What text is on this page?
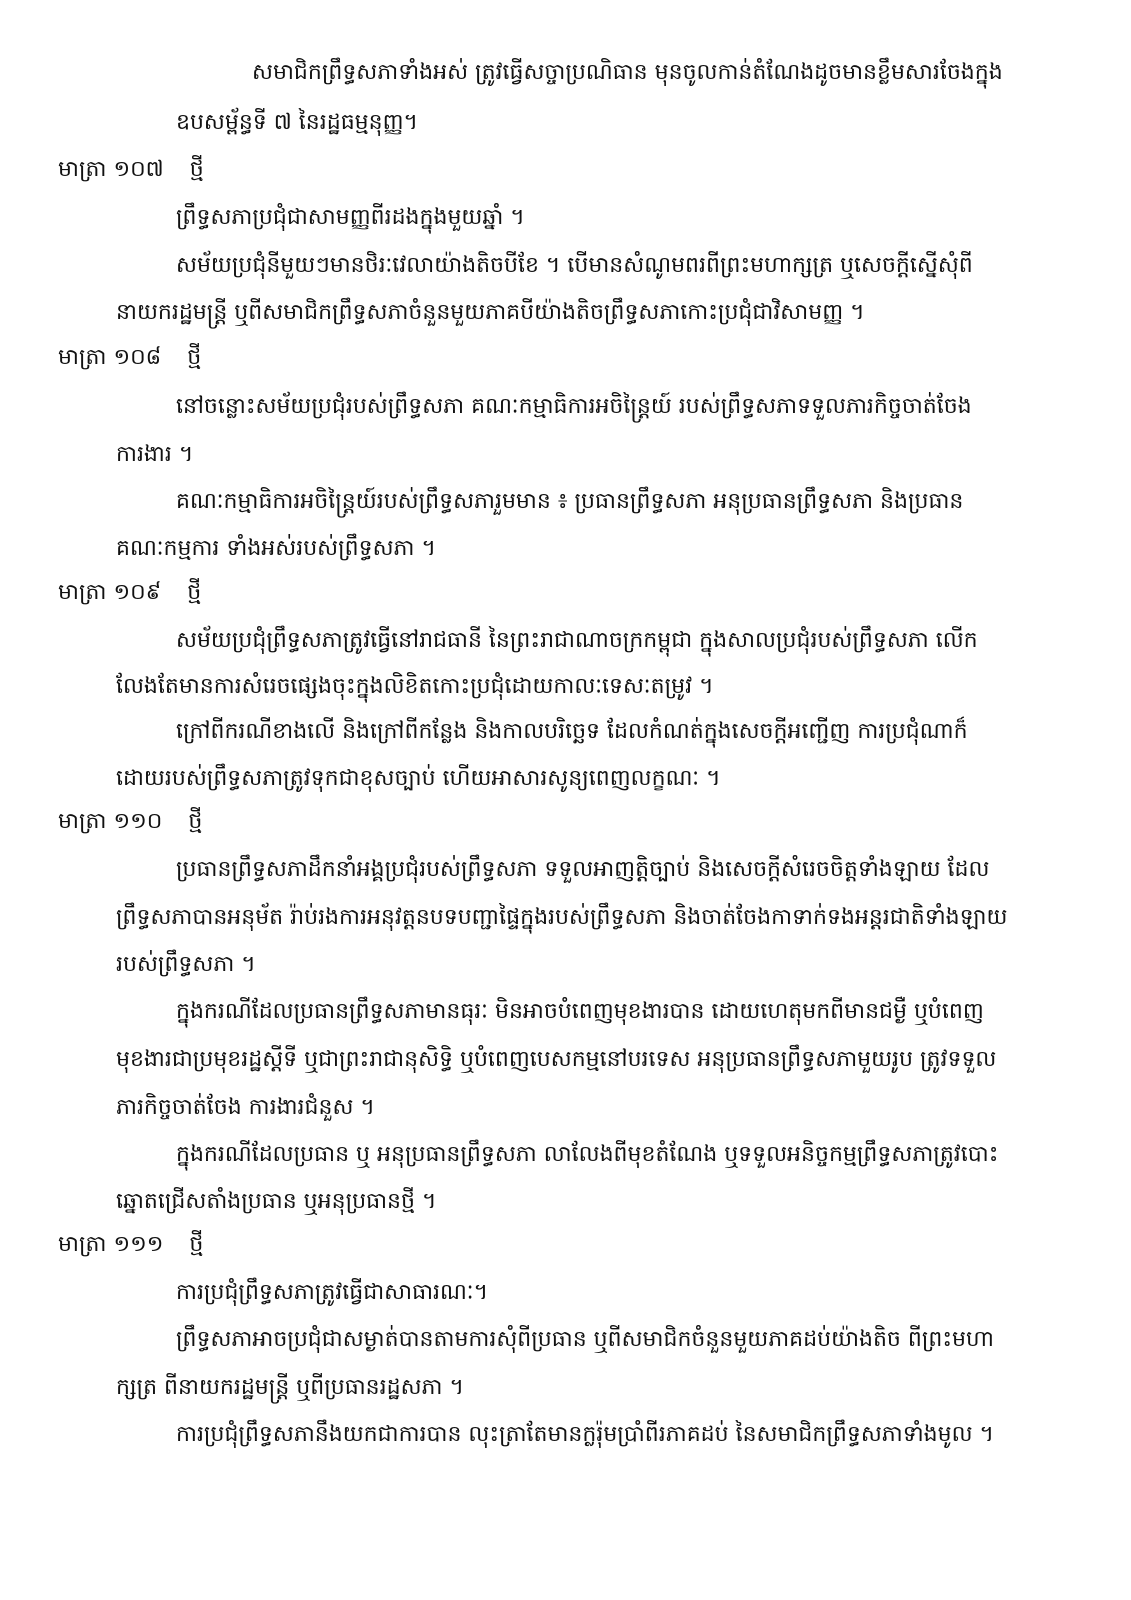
សមាជិកព្រឹទ្ធសភាទាំងអស់ ត្រូវធ្វើសច្ចាប្រណិធាន មុនចូលកាន់តំណែងដូចមានខ្លឹមសារចែងក្នុង
ឧបសម្ព័ន្ធទី ៧ នៃរដ្ឋធម្មនុញ្ញ។
មាត្រា ១០៧ ថ្មី
ព្រឹទ្ធសភាប្រជុំជាសាមញ្ញពីរដងក្នុងមួយឆ្នាំ ។
សម័យប្រជុំនីមួយៗមានថិរៈវេលាយ៉ាងតិចបីខែ ។ បើមានសំណូមពរពីព្រះមហាក្សត្រ ឬសេចក្តីស្នើសុំពី
នាយករដ្ឋមន្ត្រី ឬពីសមាជិកព្រឹទ្ធសភាចំនួនមួយភាគបីយ៉ាងតិចព្រឹទ្ធសភាកោះប្រជុំជាវិសាមញ្ញ ។
មាត្រា ១០៨ ថ្មី
នៅចន្លោះសម័យប្រជុំរបស់ព្រឹទ្ធសភា គណៈកម្មាធិការអចិន្ត្រៃយ៍ របស់ព្រឹទ្ធសភាទទួលភារកិច្ចចាត់ចែង
ការងារ ។
គណៈកម្មាធិការអចិន្ត្រៃយ៍របស់ព្រឹទ្ធសភារួមមាន ៖ ប្រធានព្រឹទ្ធសភា អនុប្រធានព្រឹទ្ធសភា និងប្រធាន
គណៈកម្មការ ទាំងអស់របស់ព្រឹទ្ធសភា ។
មាត្រា ១០៩ ថ្មី
សម័យប្រជុំព្រឹទ្ធសភាត្រូវធ្វើនៅរាជធានី នៃព្រះរាជាណាចក្រកម្ពុជា ក្នុងសាលប្រជុំរបស់ព្រឹទ្ធសភា លើក
លែងតែមានការសំរេចផ្សេងចុះក្នុងលិខិតកោះប្រជុំដោយកាលៈទេសៈតម្រូវ ។
ក្រៅពីករណីខាងលើ និងក្រៅពីកន្លែង និងកាលបរិច្ឆេទ ដែលកំណត់ក្នុងសេចក្តីអញ្ជើញ ការប្រជុំណាក៏
ដោយរបស់ព្រឹទ្ធសភាត្រូវទុកជាខុសច្បាប់ ហើយអាសារសូន្យពេញលក្ខណៈ ។
មាត្រា ១១០ ថ្មី
ប្រធានព្រឹទ្ធសភាដឹកនាំអង្គប្រជុំរបស់ព្រឹទ្ធសភា ទទួលអាញត្តិច្បាប់ និងសេចក្តីសំរេចចិត្តទាំងឡាយ ដែល
ព្រឹទ្ធសភាបានអនុម័ត រ៉ាប់រងការអនុវត្តនបទបញ្ជាផ្ទៃក្នុងរបស់ព្រឹទ្ធសភា និងចាត់ចែងកាទាក់ទងអន្តរជាតិទាំងឡាយ
របស់ព្រឹទ្ធសភា ។
ក្នុងករណីដែលប្រធានព្រឹទ្ធសភាមានធុរៈ មិនអាចបំពេញមុខងារបាន ដោយហេតុមកពីមានជម្ងឺ ឬបំពេញ
មុខងារជាប្រមុខរដ្ឋស្តីទី ឬជាព្រះរាជានុសិទ្ធិ ឬបំពេញបេសកម្មនៅបរទេស អនុប្រធានព្រឹទ្ធសភាមួយរូប ត្រូវទទួល
ភារកិច្ចចាត់ចែង ការងារជំនួស ។
ក្នុងករណីដែលប្រធាន ឬ អនុប្រធានព្រឹទ្ធសភា លាលែងពីមុខតំណែង ឬទទួលអនិច្ចកម្មព្រឹទ្ធសភាត្រូវបោះ
ឆ្នោតជ្រើសតាំងប្រធាន ឬអនុប្រធានថ្មី ។
មាត្រា ១១១ ថ្មី
ការប្រជុំព្រឹទ្ធសភាត្រូវធ្វើជាសាធារណៈ។
ព្រឹទ្ធសភាអាចប្រជុំជាសម្ងាត់បានតាមការសុំពីប្រធាន ឬពីសមាជិកចំនួនមួយភាគដប់យ៉ាងតិច ពីព្រះមហា
ក្សត្រ ពីនាយករដ្ឋមន្ត្រី ឬពីប្រធានរដ្ឋសភា ។
ការប្រជុំព្រឹទ្ធសភានឹងយកជាការបាន លុះត្រាតែមានក្លរ៉ុមប្រាំពីរភាគដប់ នៃសមាជិកព្រឹទ្ធសភាទាំងមូល ។
